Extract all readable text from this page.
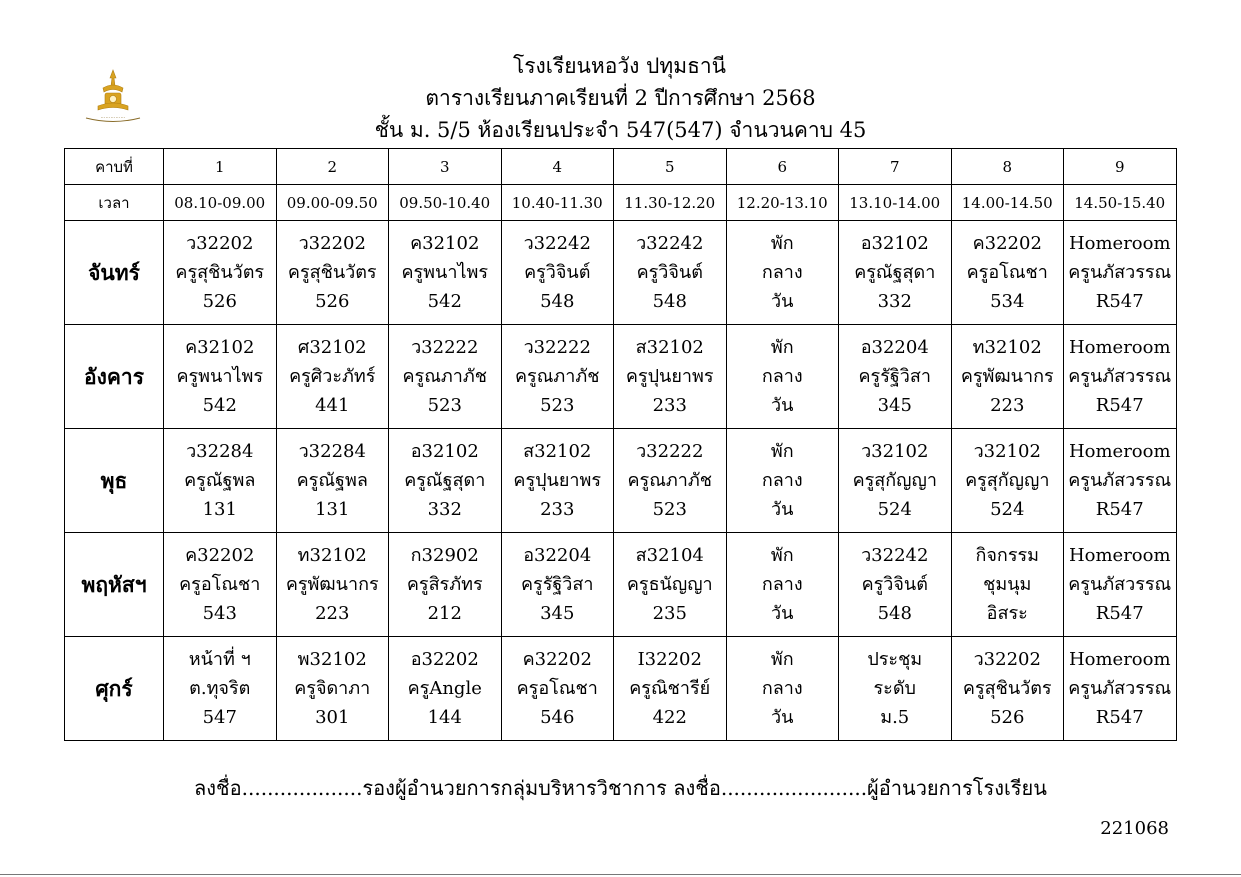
⋯⋯⋯⋯⋯
โรงเรียนหอวัง ปทุมธานี
ตารางเรียนภาคเรียนที่ 2 ปีการศึกษา 2568
ชั้น ม. 5/5 ห้องเรียนประจำ 547(547) จำนวนคาบ 45
คาบที่	1	2	3	4	5	6	7	8	9
เวลา	08.10-09.00	09.00-09.50	09.50-10.40	10.40-11.30	11.30-12.20	12.20-13.10	13.10-14.00	14.00-14.50	14.50-15.40
จันทร์	ว32202
ครูสุชินวัตร
526	ว32202
ครูสุชินวัตร
526	ค32102
ครูพนาไพร
542	ว32242
ครูวิจินต์
548	ว32242
ครูวิจินต์
548	พัก
กลาง
วัน	อ32102
ครูณัฐสุดา
332	ค32202
ครูอโณชา
534	Homeroom
ครูนภัสวรรณ
R547

อังคาร	ค32102
ครูพนาไพร
542	ศ32102
ครูศิวะภัทร์
441	ว32222
ครูณภาภัช
523	ว32222
ครูณภาภัช
523	ส32102
ครูปุนยาพร
233	พัก
กลาง
วัน	อ32204
ครูรัฐิวิสา
345	ท32102
ครูพัฒนากร
223	Homeroom
ครูนภัสวรรณ
R547

พุธ	ว32284
ครูณัฐพล
131	ว32284
ครูณัฐพล
131	อ32102
ครูณัฐสุดา
332	ส32102
ครูปุนยาพร
233	ว32222
ครูณภาภัช
523	พัก
กลาง
วัน	ว32102
ครูสุกัญญา
524	ว32102
ครูสุกัญญา
524	Homeroom
ครูนภัสวรรณ
R547

พฤหัสฯ	ค32202
ครูอโณชา
543	ท32102
ครูพัฒนากร
223	ก32902
ครูสิรภัทร
212	อ32204
ครูรัฐิวิสา
345	ส32104
ครูธนัญญา
235	พัก
กลาง
วัน	ว32242
ครูวิจินต์
548	กิจกรรม
ชุมนุม
อิสระ	Homeroom
ครูนภัสวรรณ
R547

ศุกร์	หน้าที่ ฯ
ต.ทุจริต
547	พ32102
ครูจิดาภา
301	อ32202
ครูAngle
144	ค32202
ครูอโณชา
546	I32202
ครูณิชารีย์
422	พัก
กลาง
วัน	ประชุม
ระดับ
ม.5	ว32202
ครูสุชินวัตร
526	Homeroom
ครูนภัสวรรณ
R547
ลงชื่อ...................รองผู้อำนวยการกลุ่มบริหารวิชาการ ลงชื่อ.......................ผู้อำนวยการโรงเรียน
221068
